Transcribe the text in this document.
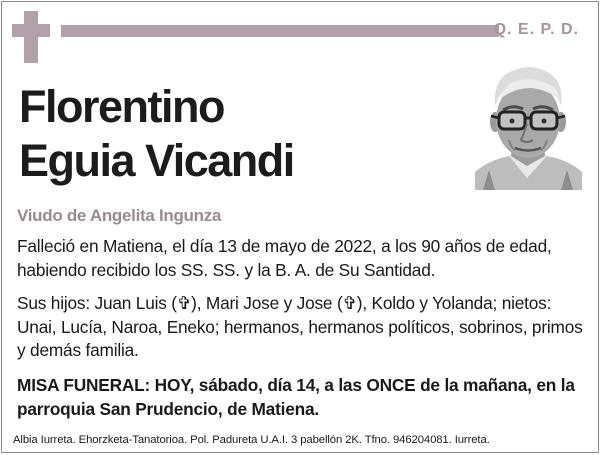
Q. E. P. D.
Florentino
Eguia Vicandi
Viudo de Angelita Ingunza
Falleció en Matiena, el día 13 de mayo de 2022, a los 90 años de edad, habiendo recibido los SS. SS. y la B. A. de Su Santidad.
Sus hijos: Juan Luis (✞), Mari Jose y Jose (✞), Koldo y Yolanda; nietos: Unai, Lucía, Naroa, Eneko; hermanos, hermanos políticos, sobrinos, primos y demás familia.
MISA FUNERAL: HOY, sábado, día 14, a las ONCE de la mañana, en la parroquia San Prudencio, de Matiena.
Albia Iurreta. Ehorzketa-Tanatorioa. Pol. Padureta U.A.I. 3 pabellón 2K. Tfno. 946204081. Iurreta.
